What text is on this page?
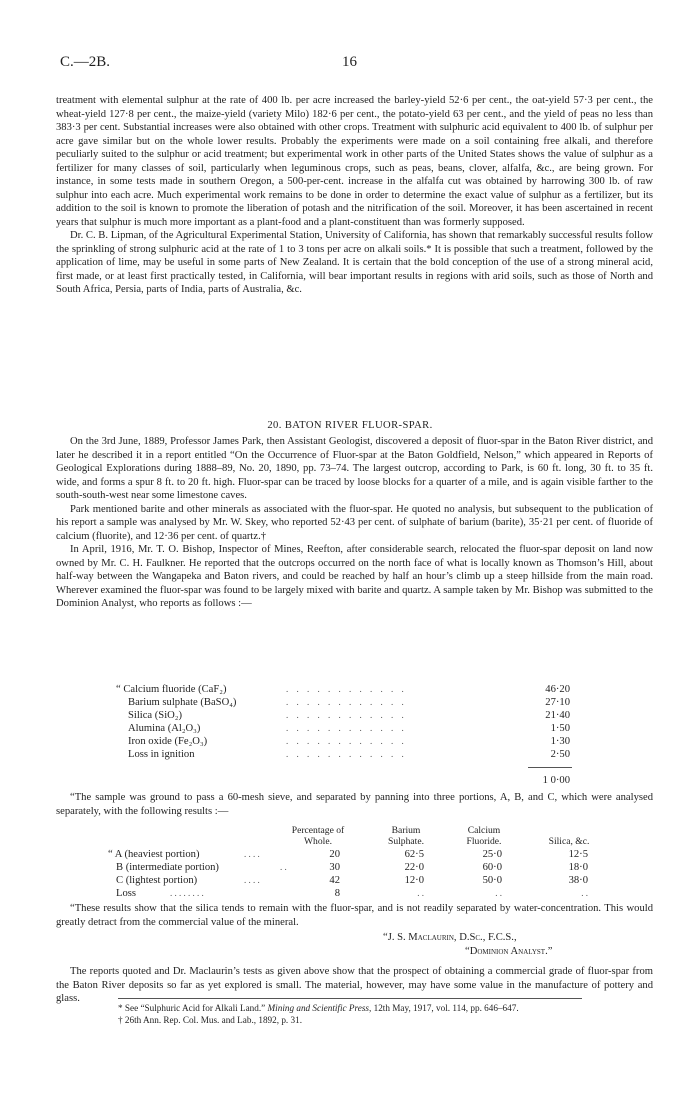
C.—2B.	16

treatment with elemental sulphur at the rate of 400 lb. per acre increased the barley-yield 52·6 per cent., the oat-yield 57·3 per cent., the wheat-yield 127·8 per cent., the maize-yield (variety Milo) 182·6 per cent., the potato-yield 63 per cent., and the yield of peas no less than 383·3 per cent. Substantial increases were also obtained with other crops. Treatment with sulphuric acid equivalent to 400 lb. of sulphur per acre gave similar but on the whole lower results. Probably the experiments were made on a soil containing free alkali, and therefore peculiarly suited to the sulphur or acid treatment; but experimental work in other parts of the United States shows the value of sulphur as a fertilizer for many classes of soil, particularly when leguminous crops, such as peas, beans, clover, alfalfa, &c., are being grown. For instance, in some tests made in southern Oregon, a 500-per-cent. increase in the alfalfa cut was obtained by harrowing 300 lb. of raw sulphur into each acre. Much experimental work remains to be done in order to determine the exact value of sulphur as a fertilizer, but its addition to the soil is known to promote the liberation of potash and the nitrification of the soil. Moreover, it has been ascertained in recent years that sulphur is much more important as a plant-food and a plant-constituent than was formerly supposed.

Dr. C. B. Lipman, of the Agricultural Experimental Station, University of California, has shown that remarkably successful results follow the sprinkling of strong sulphuric acid at the rate of 1 to 3 tons per acre on alkali soils.* It is possible that such a treatment, followed by the application of lime, may be useful in some parts of New Zealand. It is certain that the bold conception of the use of a strong mineral acid, first made, or at least first practically tested, in California, will bear important results in regions with arid soils, such as those of North and South Africa, Persia, parts of India, parts of Australia, &c.

20. BATON RIVER FLUOR-SPAR.

On the 3rd June, 1889, Professor James Park, then Assistant Geologist, discovered a deposit of fluor-spar in the Baton River district, and later he described it in a report entitled “On the Occurrence of Fluor-spar at the Baton Goldfield, Nelson,” which appeared in Reports of Geological Explorations during 1888–89, No. 20, 1890, pp. 73–74. The largest outcrop, according to Park, is 60 ft. long, 30 ft. to 35 ft. wide, and forms a spur 8 ft. to 20 ft. high. Fluor-spar can be traced by loose blocks for a quarter of a mile, and is again visible farther to the south-south-west near some limestone caves.

Park mentioned barite and other minerals as associated with the fluor-spar. He quoted no analysis, but subsequent to the publication of his report a sample was analysed by Mr. W. Skey, who reported 52·43 per cent. of sulphate of barium (barite), 35·21 per cent. of fluoride of calcium (fluorite), and 12·36 per cent. of quartz.†

In April, 1916, Mr. T. O. Bishop, Inspector of Mines, Reefton, after considerable search, relocated the fluor-spar deposit on land now owned by Mr. C. H. Faulkner. He reported that the outcrops occurred on the north face of what is locally known as Thomson’s Hill, about half-way between the Wangapeka and Baton rivers, and could be reached by half an hour’s climb up a steep hillside from the main road. Wherever examined the fluor-spar was found to be largely mixed with barite and quartz. A sample taken by Mr. Bishop was submitted to the Dominion Analyst, who reports as follows :—

“ Calcium fluoride (CaF₂)	. . . . . . . . . . . .	46·20
Barium sulphate (BaSO₄)	. . . . . . . . . . . .	27·10
Silica (SiO₂)	. . . . . . . . . . . .	21·40
Alumina (Al₂O₃)	. . . . . . . . . . . .	1·50
Iron oxide (Fe₂O₃)	. . . . . . . . . . . .	1·30
Loss in ignition	. . . . . . . . . . . .	2·50
1 0·00

“The sample was ground to pass a 60-mesh sieve, and separated by panning into three portions, A, B, and C, which were analysed separately, with the following results :—

Percentage of Whole.
Barium Sulphate.
Calcium Fluoride.	Silica, &c.
“ A (heaviest portion)	. . . .	20	62·5	25·0	12·5
B (intermediate portion)	. .	30	22·0	60·0	18·0
C (lightest portion)	. . . .	42	12·0	50·0	38·0
Loss	. . . . . . . .	8	. .	. .	. .

“These results show that the silica tends to remain with the fluor-spar, and is not readily separated by water-concentration. This would greatly detract from the commercial value of the mineral.

“J. S. Maclaurin, D.Sc., F.C.S.,
“Dominion Analyst.”

The reports quoted and Dr. Maclaurin’s tests as given above show that the prospect of obtaining a commercial grade of fluor-spar from the Baton River deposits so far as yet explored is small. The material, however, may have some value in the manufacture of pottery and glass.

* See “Sulphuric Acid for Alkali Land.” Mining and Scientific Press, 12th May, 1917, vol. 114, pp. 646–647.
† 26th Ann. Rep. Col. Mus. and Lab., 1892, p. 31.
